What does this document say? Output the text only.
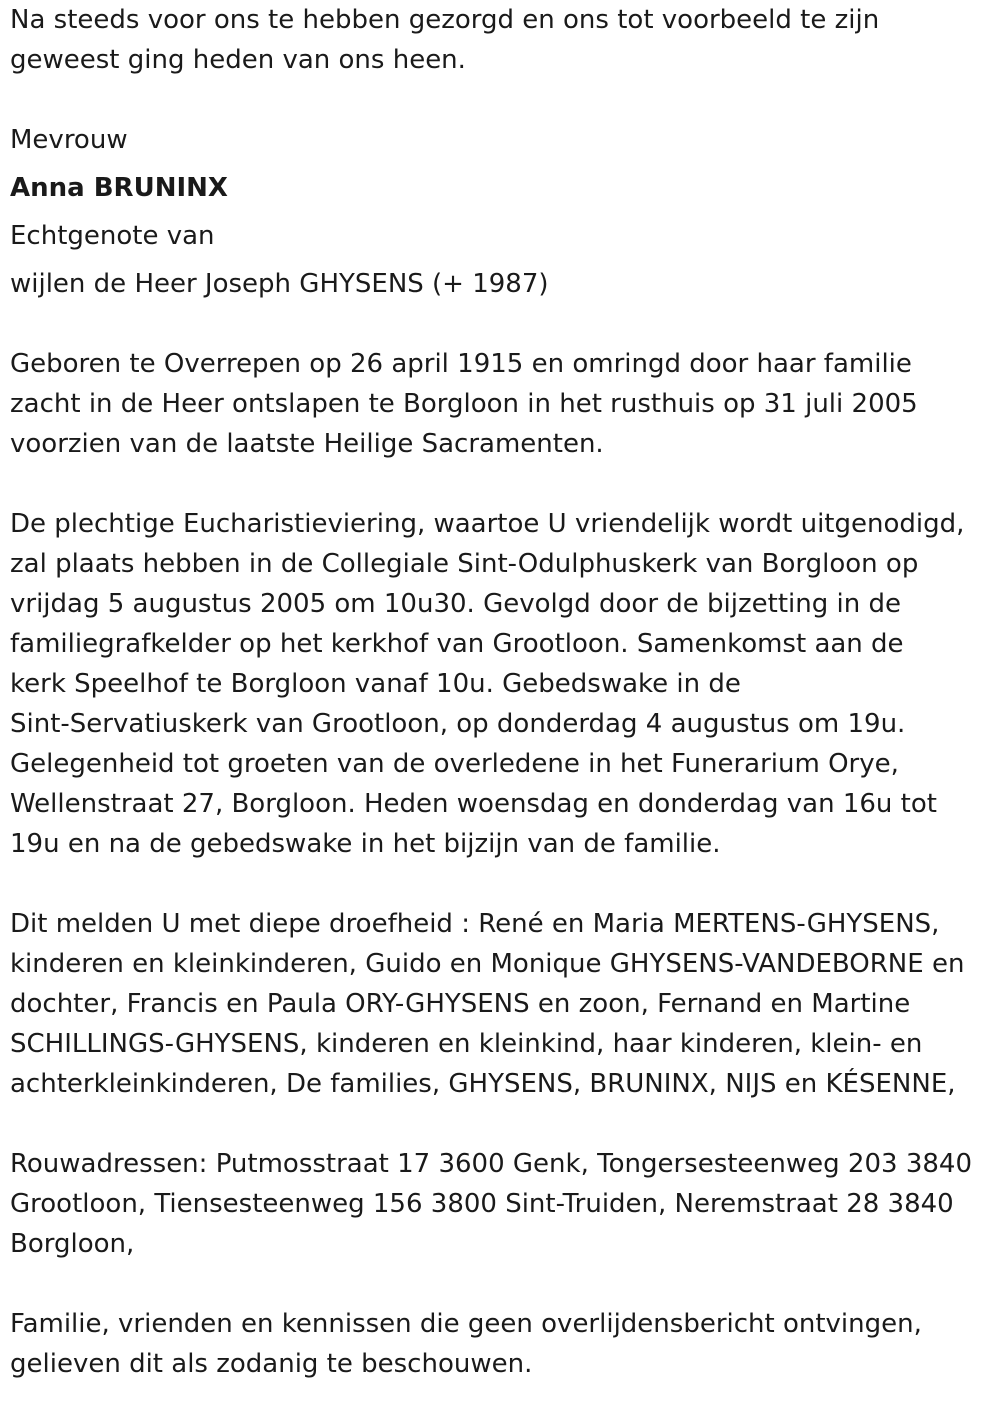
Na steeds voor ons te hebben gezorgd en ons tot voorbeeld te zijn
geweest ging heden van ons heen.
Mevrouw
Anna BRUNINX
Echtgenote van
wijlen de Heer Joseph GHYSENS (+ 1987)
Geboren te Overrepen op 26 april 1915 en omringd door haar familie
zacht in de Heer ontslapen te Borgloon in het rusthuis op 31 juli 2005
voorzien van de laatste Heilige Sacramenten.
De plechtige Eucharistieviering, waartoe U vriendelijk wordt uitgenodigd,
zal plaats hebben in de Collegiale Sint-Odulphuskerk van Borgloon op
vrijdag 5 augustus 2005 om 10u30. Gevolgd door de bijzetting in de
familiegrafkelder op het kerkhof van Grootloon. Samenkomst aan de
kerk Speelhof te Borgloon vanaf 10u. Gebedswake in de
Sint-Servatiuskerk van Grootloon, op donderdag 4 augustus om 19u.
Gelegenheid tot groeten van de overledene in het Funerarium Orye,
Wellenstraat 27, Borgloon. Heden woensdag en donderdag van 16u tot
19u en na de gebedswake in het bijzijn van de familie.
Dit melden U met diepe droefheid : René en Maria MERTENS-GHYSENS,
kinderen en kleinkinderen, Guido en Monique GHYSENS-VANDEBORNE en
dochter, Francis en Paula ORY-GHYSENS en zoon, Fernand en Martine
SCHILLINGS-GHYSENS, kinderen en kleinkind, haar kinderen, klein- en
achterkleinkinderen, De families, GHYSENS, BRUNINX, NIJS en KÉSENNE,
Rouwadressen: Putmosstraat 17 3600 Genk, Tongersesteenweg 203 3840
Grootloon, Tiensesteenweg 156 3800 Sint-Truiden, Neremstraat 28 3840
Borgloon,
Familie, vrienden en kennissen die geen overlijdensbericht ontvingen,
gelieven dit als zodanig te beschouwen.
